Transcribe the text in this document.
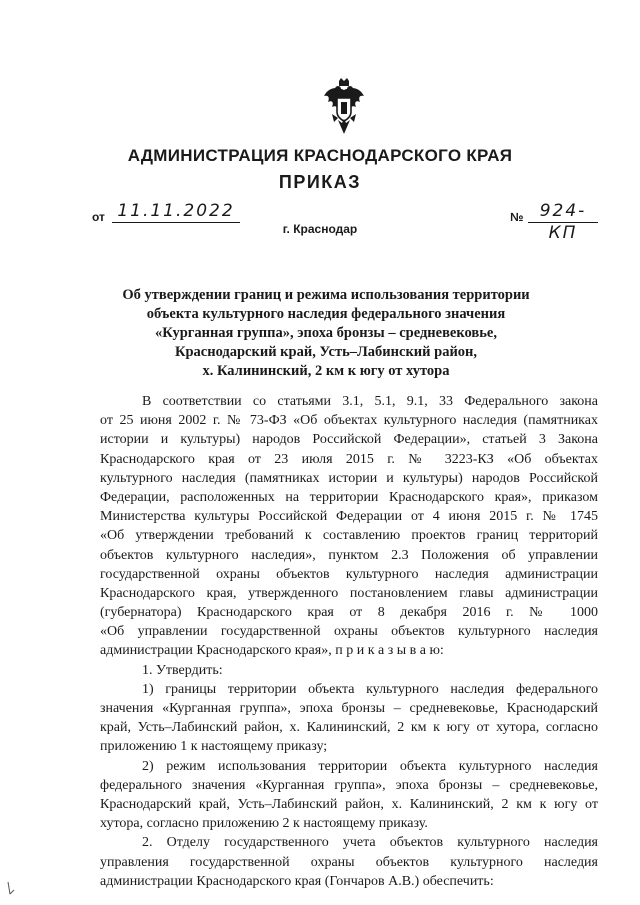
АДМИНИСТРАЦИЯ КРАСНОДАРСКОГО КРАЯ
ПРИКАЗ
от 11.11.2022	№ 924-КП
г. Краснодар
Об утверждении границ и режима использования территории
объекта культурного наследия федерального значения
«Курганная группа», эпоха бронзы – средневековье,
Краснодарский край, Усть–Лабинский район,
х. Калининский, 2 км к югу от хутора
В соответствии со статьями 3.1, 5.1, 9.1, 33 Федерального закона
от 25 июня 2002 г. № 73-ФЗ «Об объектах культурного наследия (памятниках
истории и культуры) народов Российской Федерации», статьей 3 Закона
Краснодарского края от 23 июля 2015 г. № 3223-КЗ «Об объектах
культурного наследия (памятниках истории и культуры) народов Российской
Федерации, расположенных на территории Краснодарского края», приказом
Министерства культуры Российской Федерации от 4 июня 2015 г. № 1745
«Об утверждении требований к составлению проектов границ территорий
объектов культурного наследия», пунктом 2.3 Положения об управлении
государственной охраны объектов культурного наследия администрации
Краснодарского края, утвержденного постановлением главы администрации
(губернатора) Краснодарского края от 8 декабря 2016 г. № 1000
«Об управлении государственной охраны объектов культурного наследия
администрации Краснодарского края», п р и к а з ы в а ю:
1. Утвердить:
1) границы территории объекта культурного наследия федерального
значения «Курганная группа», эпоха бронзы – средневековье, Краснодарский
край, Усть–Лабинский район, х. Калининский, 2 км к югу от хутора, согласно
приложению 1 к настоящему приказу;
2) режим использования территории объекта культурного наследия
федерального значения «Курганная группа», эпоха бронзы – средневековье,
Краснодарский край, Усть–Лабинский район, х. Калининский, 2 км к югу от
хутора, согласно приложению 2 к настоящему приказу.
2. Отделу государственного учета объектов культурного наследия
управления государственной охраны объектов культурного наследия
администрации Краснодарского края (Гончаров А.В.) обеспечить:
